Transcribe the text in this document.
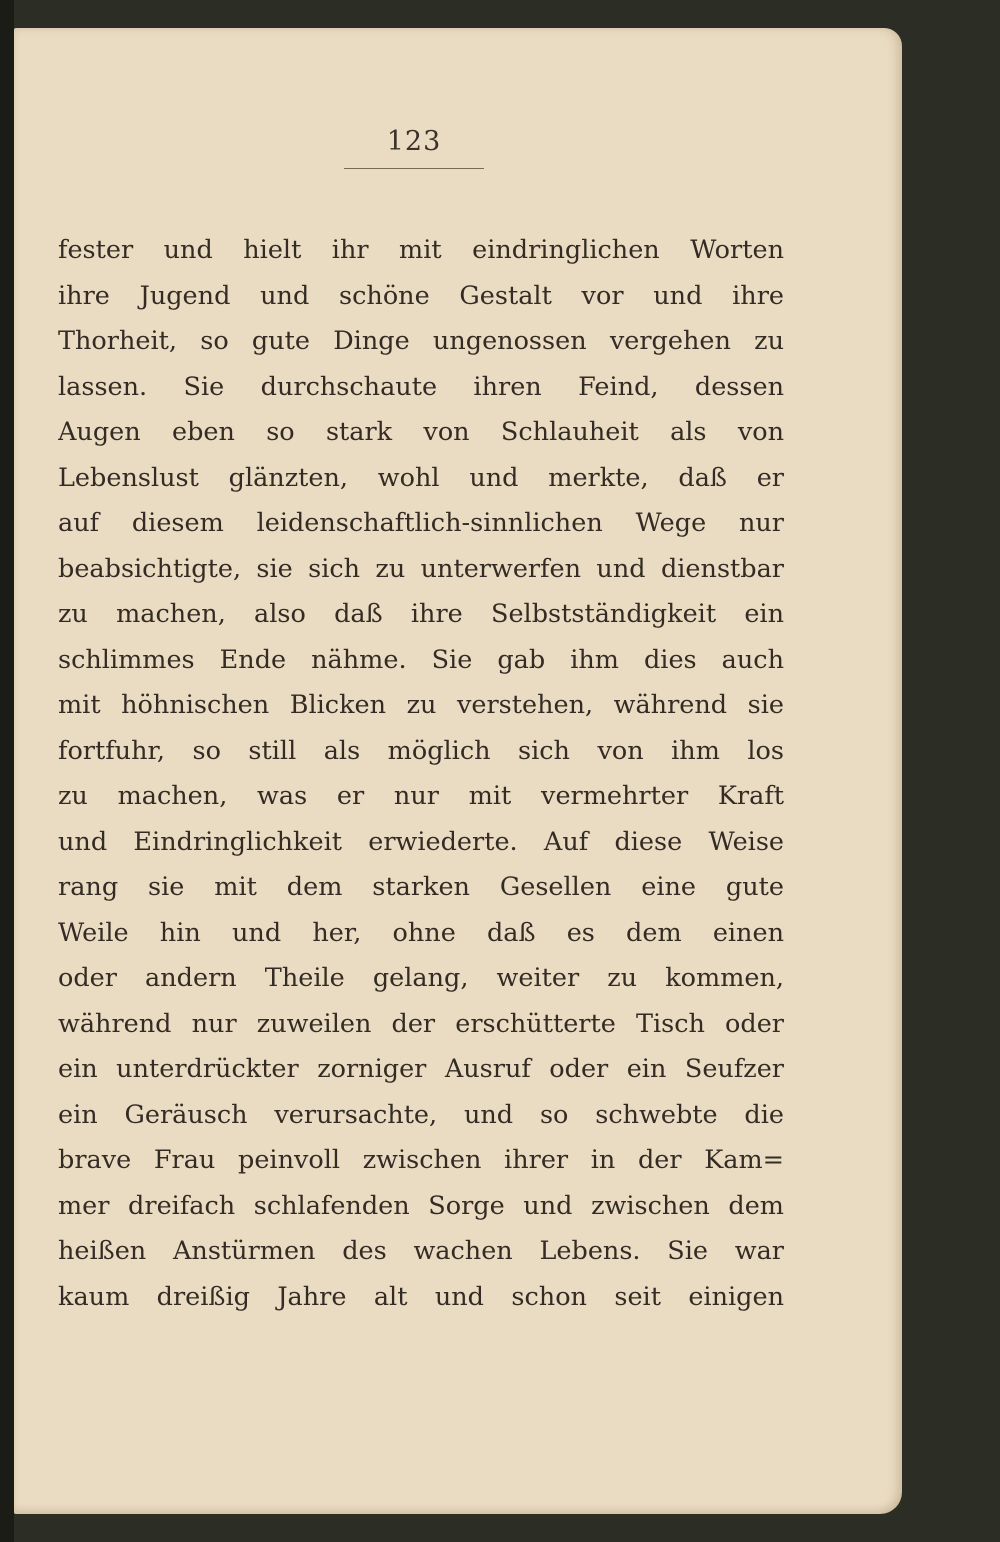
123
fester und hielt ihr mit eindringlichen Worten
ihre Jugend und schöne Gestalt vor und ihre
Thorheit, so gute Dinge ungenossen vergehen zu
lassen. Sie durchschaute ihren Feind, dessen
Augen eben so stark von Schlauheit als von
Lebenslust glänzten, wohl und merkte, daß er
auf diesem leidenschaftlich-sinnlichen Wege nur
beabsichtigte, sie sich zu unterwerfen und dienstbar
zu machen, also daß ihre Selbstständigkeit ein
schlimmes Ende nähme. Sie gab ihm dies auch
mit höhnischen Blicken zu verstehen, während sie
fortfuhr, so still als möglich sich von ihm los
zu machen, was er nur mit vermehrter Kraft
und Eindringlichkeit erwiederte. Auf diese Weise
rang sie mit dem starken Gesellen eine gute
Weile hin und her, ohne daß es dem einen
oder andern Theile gelang, weiter zu kommen,
während nur zuweilen der erschütterte Tisch oder
ein unterdrückter zorniger Ausruf oder ein Seufzer
ein Geräusch verursachte, und so schwebte die
brave Frau peinvoll zwischen ihrer in der Kam=
mer dreifach schlafenden Sorge und zwischen dem
heißen Anstürmen des wachen Lebens. Sie war
kaum dreißig Jahre alt und schon seit einigen
